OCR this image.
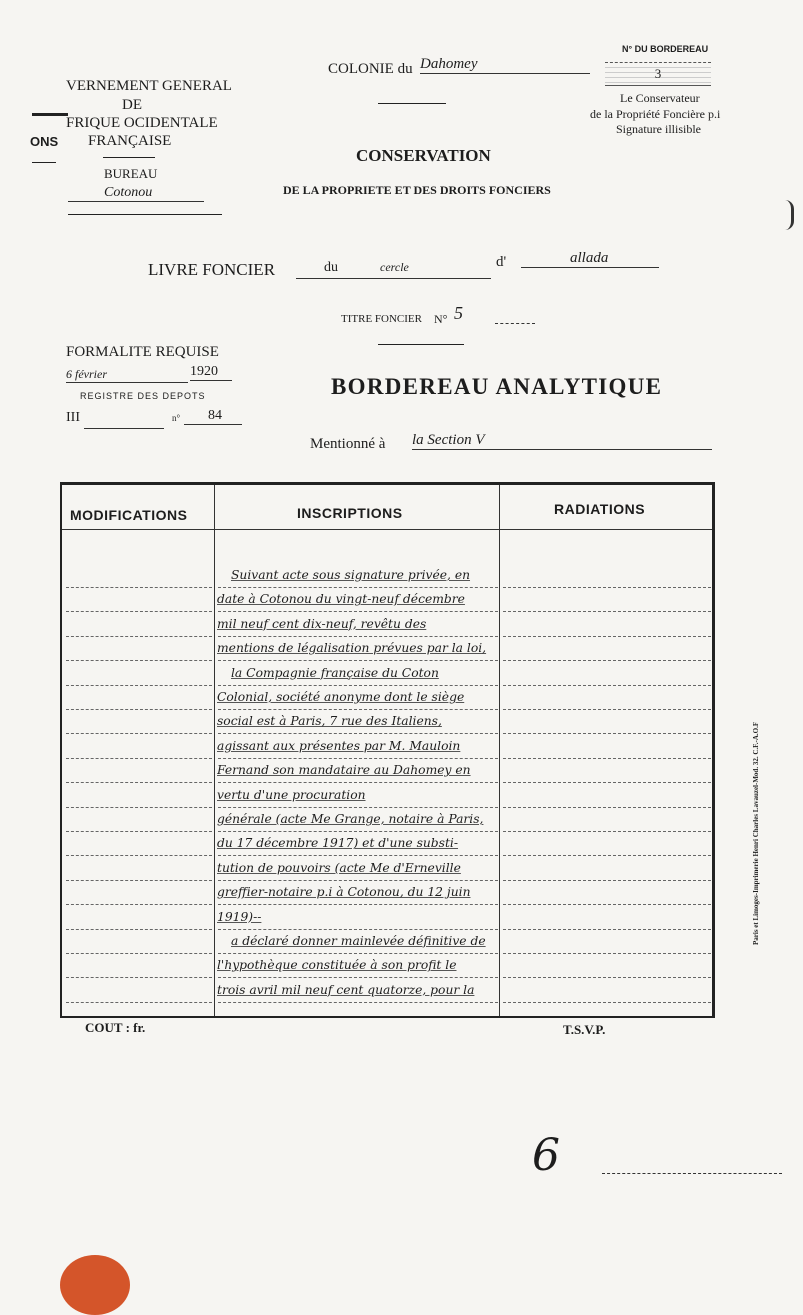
VERNEMENT GENERAL
DE
FRIQUE OCIDENTALE
ONS FRANÇAISE
BUREAU
Cotonou
COLONIE du Dahomey
CONSERVATION
DE LA PROPRIETE ET DES DROITS FONCIERS
N° DU BORDEREAU
3
Le Conservateur
de la Propriété Foncière p.i
Signature illisible
LIVRE FONCIER	du	cercle	d'	allada
TITRE FONCIER N° 5
FORMALITE REQUISE
6 février	1920
REGISTRE DES DEPOTS
III	n°	84
BORDEREAU ANALYTIQUE
Mentionné à la Section V
MODIFICATIONS	INSCRIPTIONS	RADIATIONS
Suivant acte sous signature privée, en
date à Cotonou du vingt-neuf décembre
mil neuf cent dix-neuf, revêtu des
mentions de légalisation prévues par la loi,
la Compagnie française du Coton
Colonial, société anonyme dont le siège
social est à Paris, 7 rue des Italiens,
agissant aux présentes par M. Mauloin
Fernand son mandataire au Dahomey en
vertu d'une procuration
générale (acte Me Grange, notaire à Paris,
du 17 décembre 1917) et d'une substi-
tution de pouvoirs (acte Me d'Erneville
greffier-notaire p.i à Cotonou, du 12 juin
1919)--
a déclaré donner mainlevée définitive de
l'hypothèque constituée à son profit le
trois avril mil neuf cent quatorze, pour la
COUT : fr.	T.S.V.P.
6
Paris et Limoges-Imprimerie Henri Charles Lavauzel-Mod. 32. C.F.-A.O.F
